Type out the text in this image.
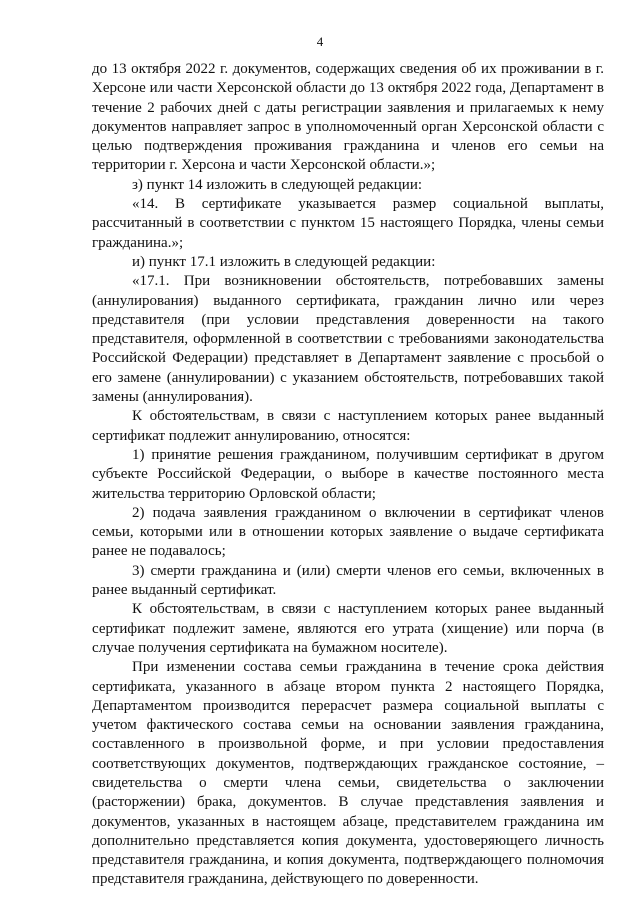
4

до 13 октября 2022 г. документов, содержащих сведения об их проживании в г. Херсоне или части Херсонской области до 13 октября 2022 года, Департамент в течение 2 рабочих дней с даты регистрации заявления и прилагаемых к нему документов направляет запрос в уполномоченный орган Херсонской области с целью подтверждения проживания гражданина и членов его семьи на территории г. Херсона и части Херсонской области.»;

з) пункт 14 изложить в следующей редакции:

«14. В сертификате указывается размер социальной выплаты, рассчитанный в соответствии с пунктом 15 настоящего Порядка, члены семьи гражданина.»;

и) пункт 17.1 изложить в следующей редакции:

«17.1. При возникновении обстоятельств, потребовавших замены (аннулирования) выданного сертификата, гражданин лично или через представителя (при условии представления доверенности на такого представителя, оформленной в соответствии с требованиями законодательства Российской Федерации) представляет в Департамент заявление с просьбой о его замене (аннулировании) с указанием обстоятельств, потребовавших такой замены (аннулирования).

К обстоятельствам, в связи с наступлением которых ранее выданный сертификат подлежит аннулированию, относятся:

1) принятие решения гражданином, получившим сертификат в другом субъекте Российской Федерации, о выборе в качестве постоянного места жительства территорию Орловской области;

2) подача заявления гражданином о включении в сертификат членов семьи, которыми или в отношении которых заявление о выдаче сертификата ранее не подавалось;

3) смерти гражданина и (или) смерти членов его семьи, включенных в ранее выданный сертификат.

К обстоятельствам, в связи с наступлением которых ранее выданный сертификат подлежит замене, являются его утрата (хищение) или порча (в случае получения сертификата на бумажном носителе).

При изменении состава семьи гражданина в течение срока действия сертификата, указанного в абзаце втором пункта 2 настоящего Порядка, Департаментом производится перерасчет размера социальной выплаты с учетом фактического состава семьи на основании заявления гражданина, составленного в произвольной форме, и при условии предоставления соответствующих документов, подтверждающих гражданское состояние, – свидетельства о смерти члена семьи, свидетельства о заключении (расторжении) брака, документов. В случае представления заявления и документов, указанных в настоящем абзаце, представителем гражданина им дополнительно представляется копия документа, удостоверяющего личность представителя гражданина, и копия документа, подтверждающего полномочия представителя гражданина, действующего по доверенности.
